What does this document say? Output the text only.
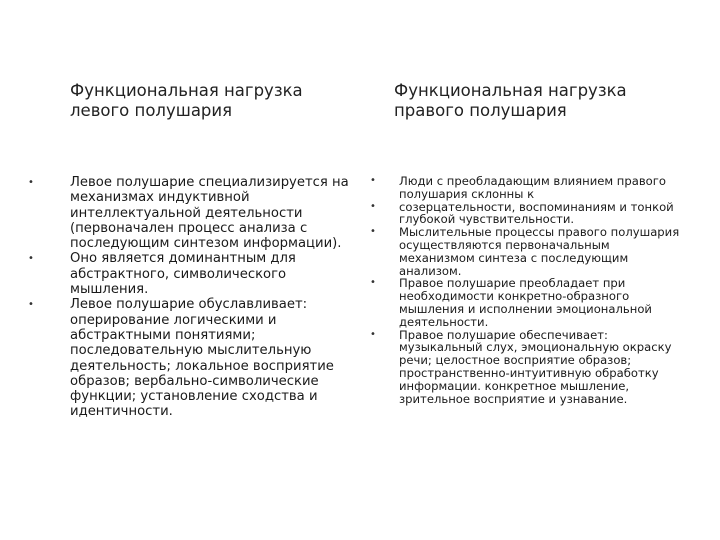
Функциональная нагрузка левого полушария
•	Левое полушарие специализируется на механизмах индуктивной интеллектуальной деятельности (первоначален процесс анализа с последующим синтезом информации).
•	Оно является доминантным для абстрактного, символического мышления.
•	Левое полушарие обуславливает: оперирование логическими и абстрактными понятиями; последовательную мыслительную деятельность; локальное восприятие образов; вербально-символические функции; установление сходства и идентичности.
Функциональная нагрузка правого полушария
• Люди с преобладающим влиянием правого полушария склонны к
• созерцательности, воспоминаниям и тонкой глубокой чувствительности.
• Мыслительные процессы правого полушария осуществляются первоначальным механизмом синтеза с последующим анализом.
• Правое полушарие преобладает при необходимости конкретно-образного мышления и исполнении эмоциональной деятельности.
• Правое полушарие обеспечивает: музыкальный слух, эмоциональную окраску речи; целостное восприятие образов; пространственно-интуитивную обработку информации. конкретное мышление, зрительное восприятие и узнавание.
